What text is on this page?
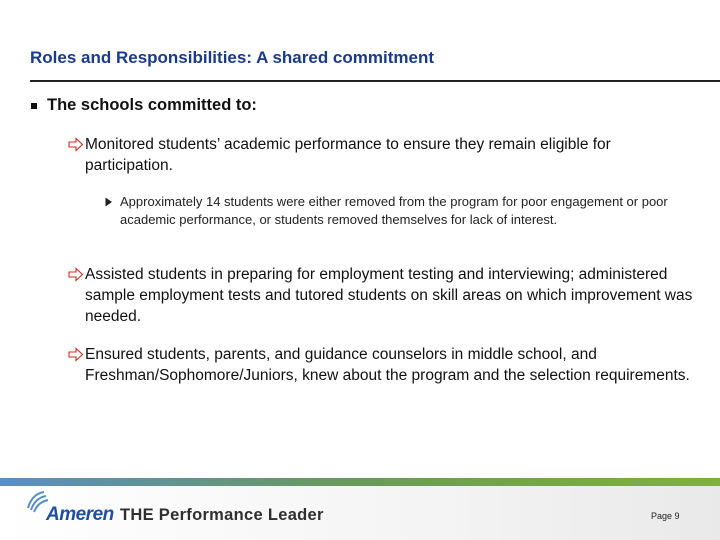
Roles and Responsibilities: A shared commitment
The schools committed to:
Monitored students’ academic performance to ensure they remain eligible for participation.
Approximately 14 students were either removed from the program for poor engagement or poor academic performance, or students removed themselves for lack of interest.
Assisted students in preparing for employment testing and interviewing; administered sample employment tests and tutored students on skill areas on which improvement was needed.
Ensured students, parents, and guidance counselors in middle school, and Freshman/Sophomore/Juniors, knew about the program and the selection requirements.
Ameren THE Performance Leader	Page 9
